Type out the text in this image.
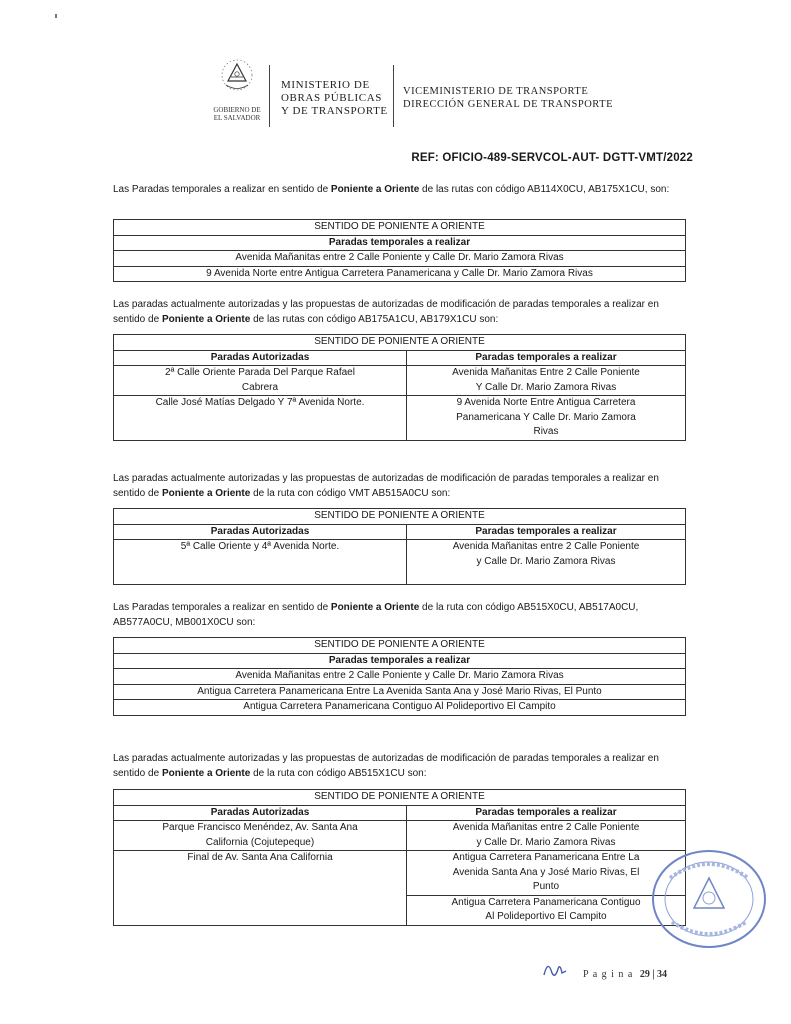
GOBIERNO DE
EL SALVADOR
MINISTERIO DE
OBRAS PÚBLICAS
Y DE TRANSPORTE
VICEMINISTERIO DE TRANSPORTE
DIRECCIÓN GENERAL DE TRANSPORTE
REF: OFICIO-489-SERVCOL-AUT- DGTT-VMT/2022
Las Paradas temporales a realizar en sentido de Poniente a Oriente de las rutas con código AB114X0CU, AB175X1CU, son:
SENTIDO DE PONIENTE A ORIENTE
Paradas temporales a realizar
Avenida Mañanitas entre 2 Calle Poniente y Calle Dr. Mario Zamora Rivas
9 Avenida Norte entre Antigua Carretera Panamericana y Calle Dr. Mario Zamora Rivas
Las paradas actualmente autorizadas y las propuestas de autorizadas de modificación de paradas temporales a realizar en sentido de Poniente a Oriente de las rutas con código AB175A1CU, AB179X1CU son:
SENTIDO DE PONIENTE A ORIENTE	
Paradas Autorizadas	Paradas temporales a realizar
2ª Calle Oriente Parada Del Parque Rafael Cabrera	Avenida Mañanitas Entre 2 Calle Poniente Y Calle Dr. Mario Zamora Rivas
Calle José Matías Delgado Y 7ª Avenida Norte.	9 Avenida Norte Entre Antigua Carretera Panamericana Y Calle Dr. Mario Zamora Rivas
Las paradas actualmente autorizadas y las propuestas de autorizadas de modificación de paradas temporales a realizar en sentido de Poniente a Oriente de la ruta con código VMT AB515A0CU son:
SENTIDO DE PONIENTE A ORIENTE	
Paradas Autorizadas	Paradas temporales a realizar
5ª Calle Oriente y 4ª Avenida Norte.	Avenida Mañanitas entre 2 Calle Poniente y Calle Dr. Mario Zamora Rivas
Las Paradas temporales a realizar en sentido de Poniente a Oriente de la ruta con código AB515X0CU, AB517A0CU, AB577A0CU, MB001X0CU son:
SENTIDO DE PONIENTE A ORIENTE
Paradas temporales a realizar
Avenida Mañanitas entre 2 Calle Poniente y Calle Dr. Mario Zamora Rivas
Antigua Carretera Panamericana Entre La Avenida Santa Ana y José Mario Rivas, El Punto
Antigua Carretera Panamericana Contiguo Al Polideportivo El Campito
Las paradas actualmente autorizadas y las propuestas de autorizadas de modificación de paradas temporales a realizar en sentido de Poniente a Oriente de la ruta con código AB515X1CU son:
SENTIDO DE PONIENTE A ORIENTE	
Paradas Autorizadas	Paradas temporales a realizar
Parque Francisco Menéndez, Av. Santa Ana California (Cojutepeque)	Avenida Mañanitas entre 2 Calle Poniente y Calle Dr. Mario Zamora Rivas
Final de Av. Santa Ana California	Antigua Carretera Panamericana Entre La Avenida Santa Ana y José Mario Rivas, El Punto
	Antigua Carretera Panamericana Contiguo Al Polideportivo El Campito
P a g i n a 29 | 34
